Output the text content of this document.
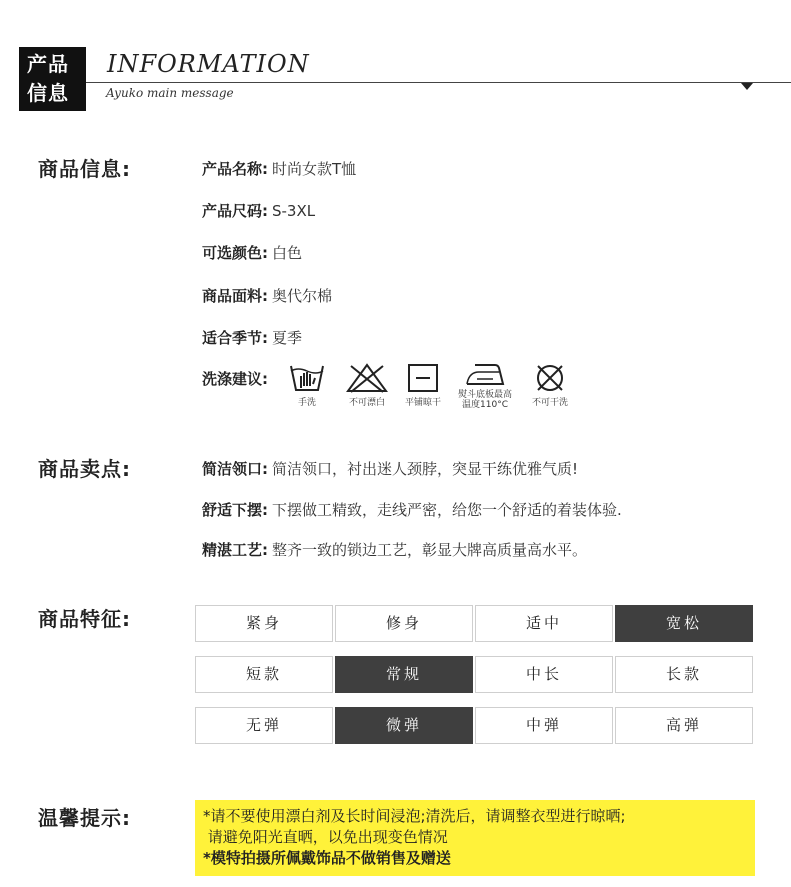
产品
信息
INFORMATION
Ayuko main message
商品信息:	产品名称: 时尚女款T恤
产品尺码: S-3XL
可选颜色: 白色
商品面料: 奥代尔棉
适合季节: 夏季
洗涤建议:
手洗	不可漂白	平铺晾干
熨斗底板最高
温度110°C	不可干洗
商品卖点:	简洁领口: 简洁领口，衬出迷人颈脖，突显干练优雅气质!
舒适下摆: 下摆做工精致，走线严密，给您一个舒适的着装体验.
精湛工艺: 整齐一致的锁边工艺，彰显大牌高质量高水平。
商品特征:	紧身	修身	适中	宽松
短款	常规	中长	长款
无弹	微弹	中弹	高弹
温馨提示:	*请不要使用漂白剂及长时间浸泡;清洗后，请调整衣型进行晾晒;
请避免阳光直晒，以免出现变色情况
*模特拍摄所佩戴饰品不做销售及赠送
